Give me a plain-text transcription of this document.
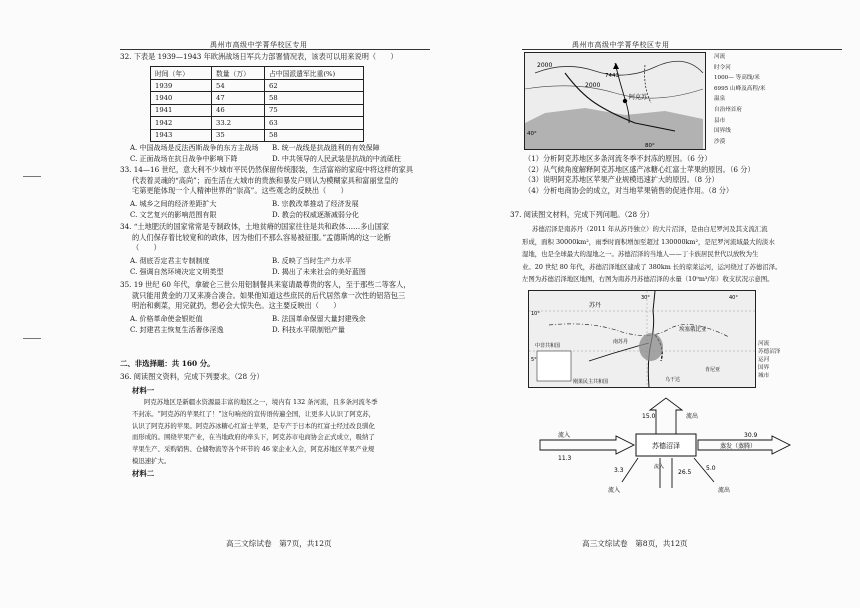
禹州市高级中学菁华校区专用
32. 下表是 1939—1943 年欧洲战场日军兵力部署情况表，该表可以用来说明（　　）
时间（年）	数量（万）	占中国派遣军比重(%)
1939	54	62
1940	47	58
1941	46	75
1942	33.2	63
1943	35	58
A. 中国战场是反法西斯战争的东方主战场 B. 统一战线是抗战胜利的有效保障
C. 正面战场在抗日战争中影响下降	D. 中共领导的人民武装是抗战的中流砥柱
33. 14—16 世纪，意大利不少城市平民仍然保留传统服装，生活富裕的家庭中将这样的家具
代表着灵魂的“高尚”；而生活在大城市的贵族和暴发户则认为模糊家具和富丽堂皇的
宅第更能体现一个人精神世界的“崇高”。这些观念的反映出（　　）
A. 城乡之间的经济差距扩大	B. 宗教改革推动了经济发展
C. 文艺复兴的影响范围有限	D. 教会的权威逐渐减弱分化
34. “土地肥沃的国家常常是专制政体，土地贫瘠的国家往往是共和政体……多山国家
的人们保存着比较宽和的政体，因为他们不那么容易被征服。”孟德斯鸠的这一论断
（　　）
A. 彻底否定君主专制制度	B. 反映了当时生产力水平
C. 强调自然环境决定文明类型	D. 揭出了未来社会的美好蓝图
35. 19 世纪 60 年代，拿破仑三世公用铝制餐具来宴请最尊贵的客人，至于那些二等客人，
就只能用黄金的刀叉来凑合凑合。如果他知道这些庶民的后代居然拿一次性的铝箔包三
明治和剩菜，用完就扔，想必会大惊失色。这主要反映出（　　）
A. 价格革命使金银贬值	B. 法国革命保留大量封建残余
C. 封建君主恢复生活奢侈淫逸	D. 科技水平限制铝产量
二、非选择题：共 160 分。
36. 阅读图文资料，完成下列要求。（28 分）
材料一
阿克苏地区是新疆水资源最丰富的地区之一，境内有 132 条河流，且多条河流冬季
不封冻。“阿克苏的苹果红了！”这句响亮的宣传语传遍全国，让更多人认识了阿克苏，
认识了阿克苏的苹果。阿克苏冰糖心红富士苹果，是专产于日本的红富士经过改良驯化
而形成的。围绕苹果产业，在当地政府的牵头下，阿克苏市电商协会正式成立，吸纳了
苹果生产、采购销售、仓储物流等各个环节的 46 家企业入会，阿克苏地区苹果产业规
模迅速扩大。
材料二
高三文综试卷　第7页，共12页
禹州市高级中学菁华校区专用
2000
2000
阿克苏
7443
80°
40°
河流
时令河
1000— 等高线/米
6995 山峰及高程/米
温泉
自治州首府
县市
国界线
沙漠
（1）分析阿克苏地区多条河流冬季不封冻的原因。（6 分）
（2）从气候角度解释阿克苏地区盛产冰糖心红富士苹果的原因。（6 分）
（3）说明阿克苏地区苹果产业规模迅速扩大的原因。（8 分）
（4）分析电商协会的成立，对当地苹果销售的促进作用。（8 分）
37. 阅读图文材料，完成下列问题。（28 分）
苏德沼泽是南苏丹（2011 年从苏丹独立）的大片沼泽，是由白尼罗河及其支流汇流
形成，面积 30000km²，雨季时面积增加至超过 130000km²，是尼罗河流域最大的淡水
湿地，也是全球最大的湿地之一。苏德沼泽的当地人——丁卡族居民世代以放牧为生
业。20 世纪 80 年代，苏德沼泽地区建成了 380km 长的琼莱运河，运河绕过了苏德沼泽。
左图为苏德沼泽地区地图，右图为南苏丹苏德沼泽的水量（10⁹m³/年）收支状况示意图。
苏丹
埃塞俄比亚
中非共和国
刚果民主共和国	乌干达
肯尼亚
南苏丹
30°
10°
5°
40°
河流
苏德沼泽
运河
国界
城市
苏德沼泽
15.0	流出
流入
11.3
30.9
蒸发（蒸腾）
3.3
流入
26.5
流入	5.0
流出
高三文综试卷　第8页，共12页
